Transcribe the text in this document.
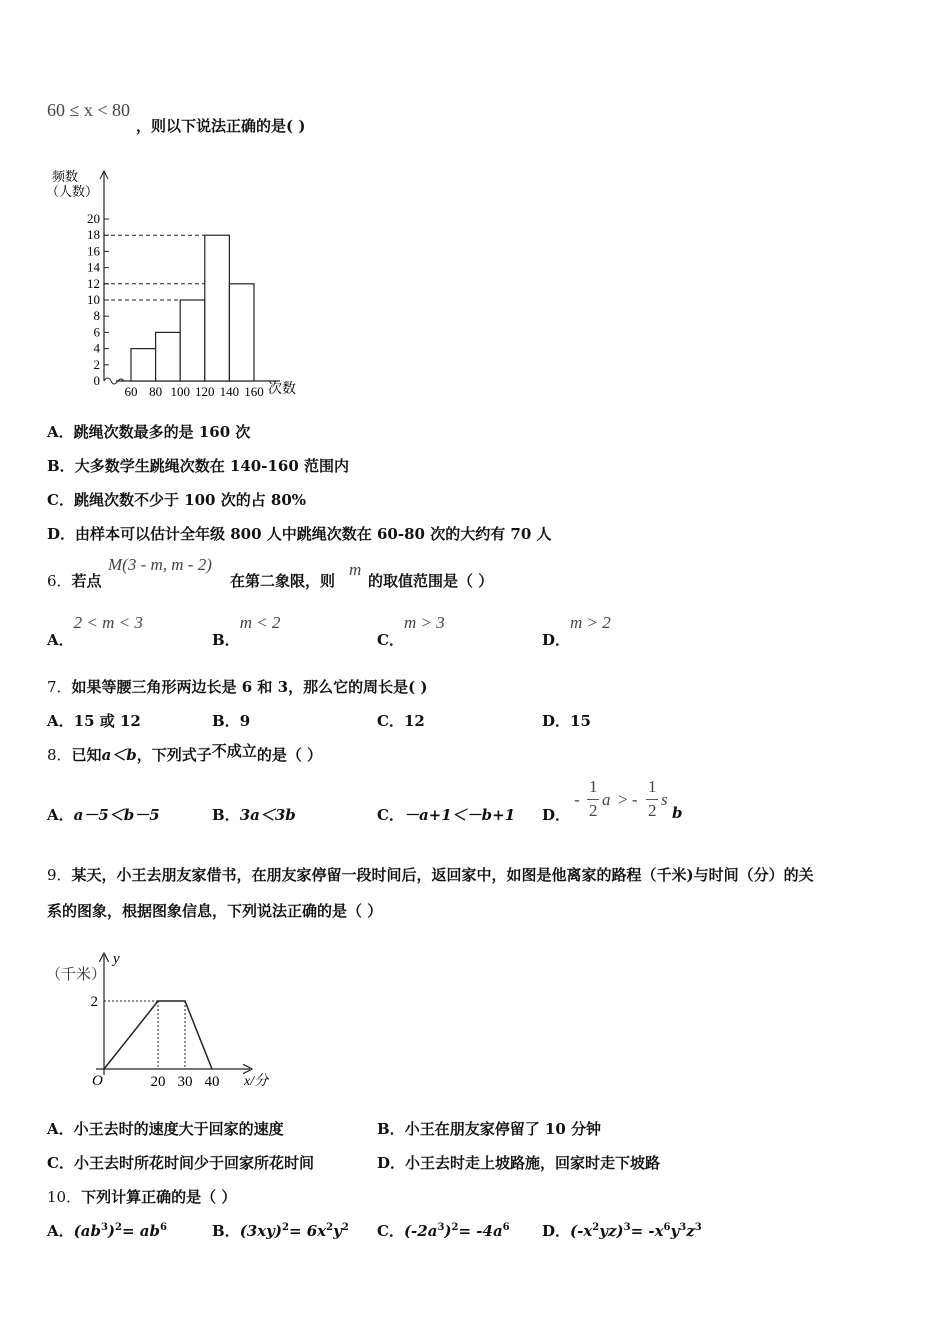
60 ≤ x < 80
，则以下说法正确的是( )
频数
（人数）
0
2
4
6
8
10
12
14
16
18
20
60 80 100 120 140 160 次数
A．跳绳次数最多的是 160 次
B．大多数学生跳绳次数在 140-160 范围内
C．跳绳次数不少于 100 次的占 80%
D．由样本可以估计全年级 800 人中跳绳次数在 60-80 次的大约有 70 人
6．若点
M(3 - m, m - 2)
在第二象限，则
m
的取值范围是（ ）
A．2 < m < 3
B．m < 2
C．m > 3
D．m > 2
7．如果等腰三角形两边长是 6 和 3，那么它的周长是( )
A．15 或 12	B．9	C．12	D．15
8．已知a＜b，下列式子不成立的是（ ）
A．a－5＜b－5	B．3a＜3b	C．－a+1＜－b+1 D．
-
1
2
a > -
1
2
s
b
9．某天，小王去朋友家借书，在朋友家停留一段时间后，返回家中，如图是他离家的路程（千米)与时间（分）的关
系的图象，根据图象信息，下列说法正确的是（ ）
y
（千米）
O	x/分
20 30 40
2
A．小王去时的速度大于回家的速度	B．小王在朋友家停留了 10 分钟
C．小王去时所花时间少于回家所花时间	D．小王去时走上坡路施，回家时走下坡路
10．下列计算正确的是（ ）
A．$(ab^3)^2= ab^6$	B．$(3xy)^2= 6x^2y^2$ C．$(-2a^3)^2= -4a^6$ D．$(-x^2yz)^3= -x^6y^3z^3$
